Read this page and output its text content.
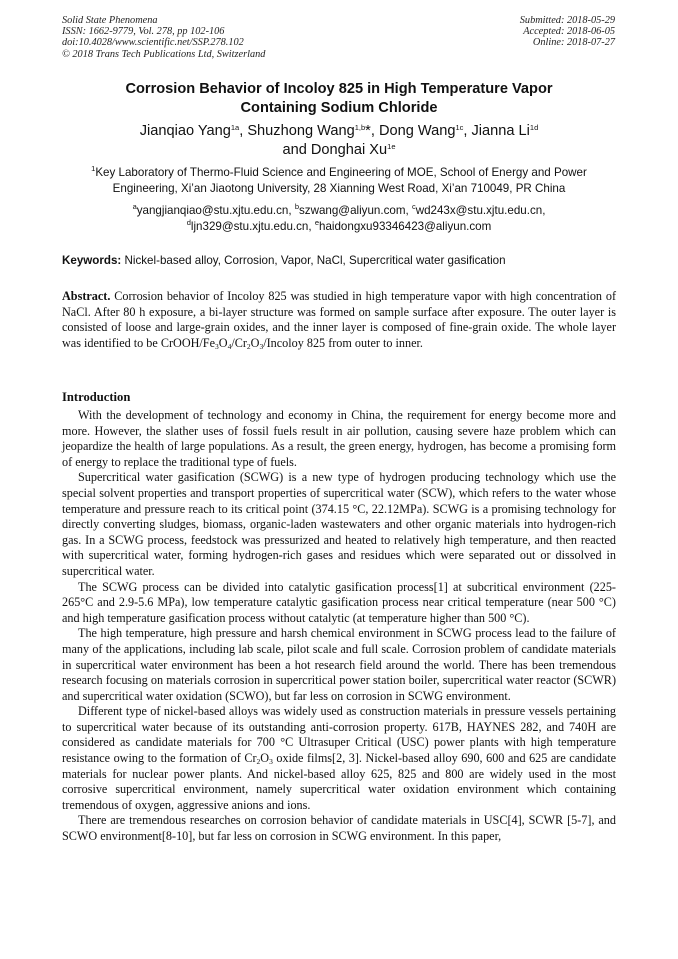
Solid State Phenomena
ISSN: 1662-9779, Vol. 278, pp 102-106
doi:10.4028/www.scientific.net/SSP.278.102
© 2018 Trans Tech Publications Ltd, Switzerland
Submitted: 2018-05-29
Accepted: 2018-06-05
Online: 2018-07-27
Corrosion Behavior of Incoloy 825 in High Temperature Vapor
Containing Sodium Chloride
Jianqiao Yang$^{1a}$, Shuzhong Wang$^{1,b}$*, Dong Wang$^{1c}$, Jianna $Li^{1d}$
and Donghai $Xu^{1e}$
$^1$Key Laboratory of Thermo-Fluid Science and Engineering of MOE, School of Energy and Power
Engineering, Xi’an Jiaotong University, 28 Xianning West Road, Xi’an 710049, PR China
$^a$yangjianqiao@stu.xjtu.edu.cn, $^b$szwang@aliyun.com, $^c$wd243x@stu.xjtu.edu.cn,
$^d$ljn329@stu.xjtu.edu.cn, $^e$haidongxu93346423@aliyun.com
Keywords: Nickel-based alloy, Corrosion, Vapor, NaCl, Supercritical water gasification
Abstract. Corrosion behavior of Incoloy 825 was studied in high temperature vapor with high concentration of NaCl. After 80 h exposure, a bi-layer structure was formed on sample surface after exposure. The outer layer is consisted of loose and large-grain oxides, and the inner layer is composed of fine-grain oxide. The whole layer was identified to be CrOOH/$Fe_3O_4/Cr_2O_3$/Incoloy 825 from outer to inner.
Introduction

With the development of technology and economy in China, the requirement for energy become more and more. However, the slather uses of fossil fuels result in air pollution, causing severe haze problem which can jeopardize the health of large populations. As a result, the green energy, hydrogen, has become a promising form of energy to replace the traditional type of fuels.

Supercritical water gasification (SCWG) is a new type of hydrogen producing technology which use the special solvent properties and transport properties of supercritical water (SCW), which refers to the water whose temperature and pressure reach to its critical point (374.15 °C, 22.12MPa). SCWG is a promising technology for directly converting sludges, biomass, organic-laden wastewaters and other organic materials into hydrogen-rich gas. In a SCWG process, feedstock was pressurized and heated to relatively high temperature, and then reacted with supercritical water, forming hydrogen-rich gases and residues which were separated out or dissolved in supercritical water.

The SCWG process can be divided into catalytic gasification process[1] at subcritical environment (225-265°C and 2.9-5.6 MPa), low temperature catalytic gasification process near critical temperature (near 500 °C) and high temperature gasification process without catalytic (at temperature higher than 500 °C).

The high temperature, high pressure and harsh chemical environment in SCWG process lead to the failure of many of the applications, including lab scale, pilot scale and full scale. Corrosion problem of candidate materials in supercritical water environment has been a hot research field around the world. There has been tremendous research focusing on materials corrosion in supercritical power station boiler, supercritical water reactor (SCWR) and supercritical water oxidation (SCWO), but far less on corrosion in SCWG environment.

Different type of nickel-based alloys was widely used as construction materials in pressure vessels pertaining to supercritical water because of its outstanding anti-corrosion property. 617B, HAYNES 282, and 740H are considered as candidate materials for 700 °C Ultrasuper Critical (USC) power plants with high temperature resistance owing to the formation of $Cr_2O_3$ oxide films[2, 3]. Nickel-based alloy 690, 600 and 625 are candidate materials for nuclear power plants. And nickel-based alloy 625, 825 and 800 are widely used in the most corrosive supercritical environment, namely supercritical water oxidation environment which containing tremendous of oxygen, aggressive anions and ions.

There are tremendous researches on corrosion behavior of candidate materials in USC[4], SCWR [5-7], and SCWO environment[8-10], but far less on corrosion in SCWG environment. In this paper,
